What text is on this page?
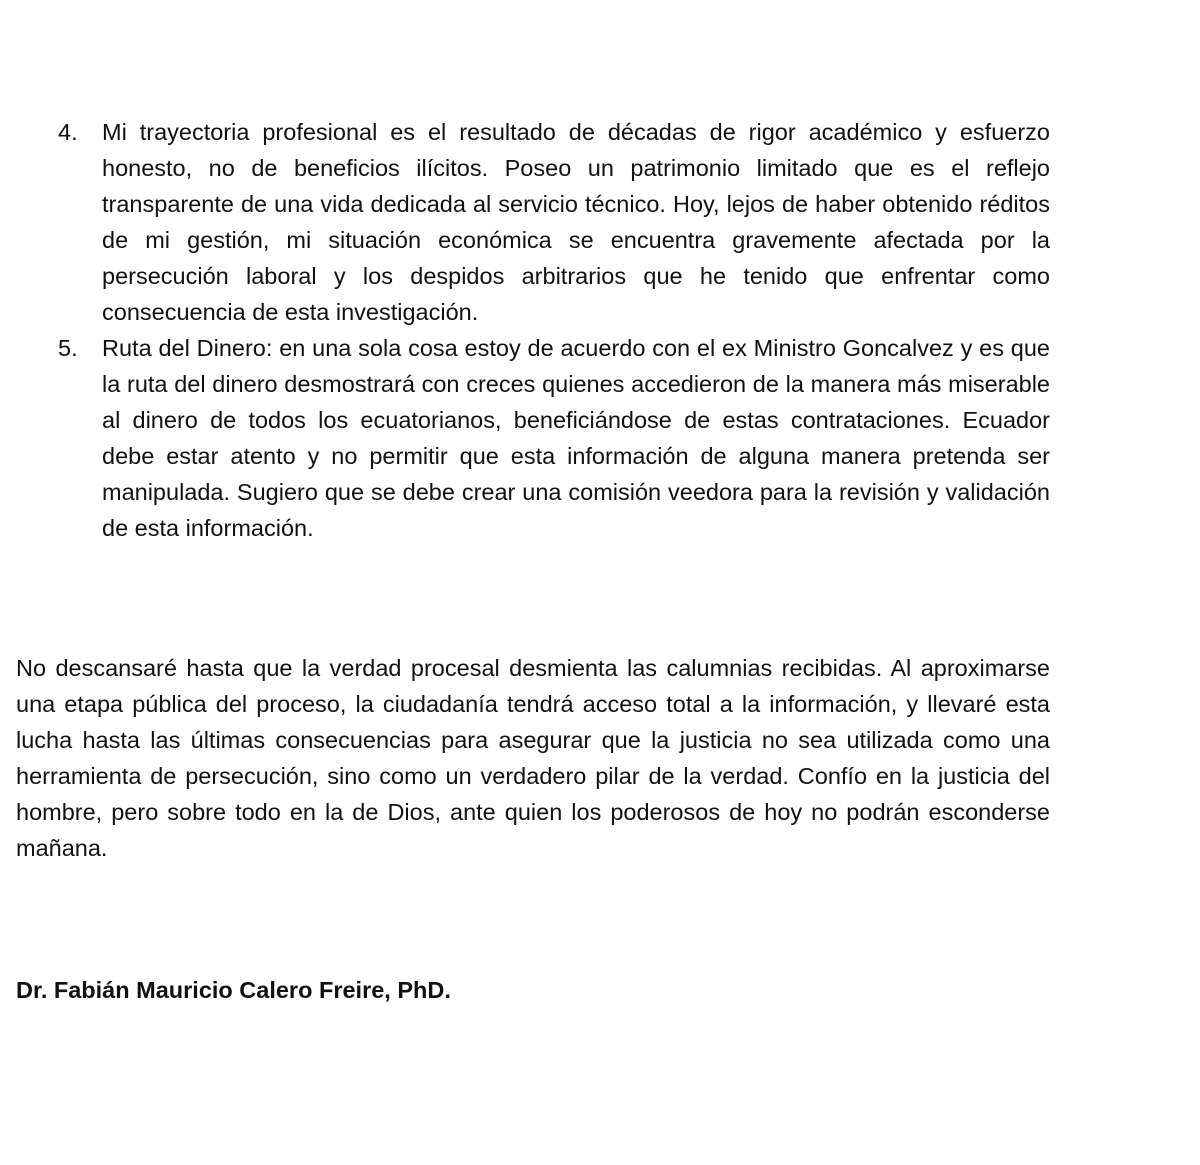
4. Mi trayectoria profesional es el resultado de décadas de rigor académico y esfuerzo honesto, no de beneficios ilícitos. Poseo un patrimonio limitado que es el reflejo transparente de una vida dedicada al servicio técnico. Hoy, lejos de haber obtenido réditos de mi gestión, mi situación económica se encuentra gravemente afectada por la persecución laboral y los despidos arbitrarios que he tenido que enfrentar como consecuencia de esta investigación.
5. Ruta del Dinero: en una sola cosa estoy de acuerdo con el ex Ministro Goncalvez y es que la ruta del dinero desmostrará con creces quienes accedieron de la manera más miserable al dinero de todos los ecuatorianos, beneficiándose de estas contrataciones. Ecuador debe estar atento y no permitir que esta información de alguna manera pretenda ser manipulada. Sugiero que se debe crear una comisión veedora para la revisión y validación de esta información.

No descansaré hasta que la verdad procesal desmienta las calumnias recibidas. Al aproximarse una etapa pública del proceso, la ciudadanía tendrá acceso total a la información, y llevaré esta lucha hasta las últimas consecuencias para asegurar que la justicia no sea utilizada como una herramienta de persecución, sino como un verdadero pilar de la verdad. Confío en la justicia del hombre, pero sobre todo en la de Dios, ante quien los poderosos de hoy no podrán esconderse mañana.

Dr. Fabián Mauricio Calero Freire, PhD.
